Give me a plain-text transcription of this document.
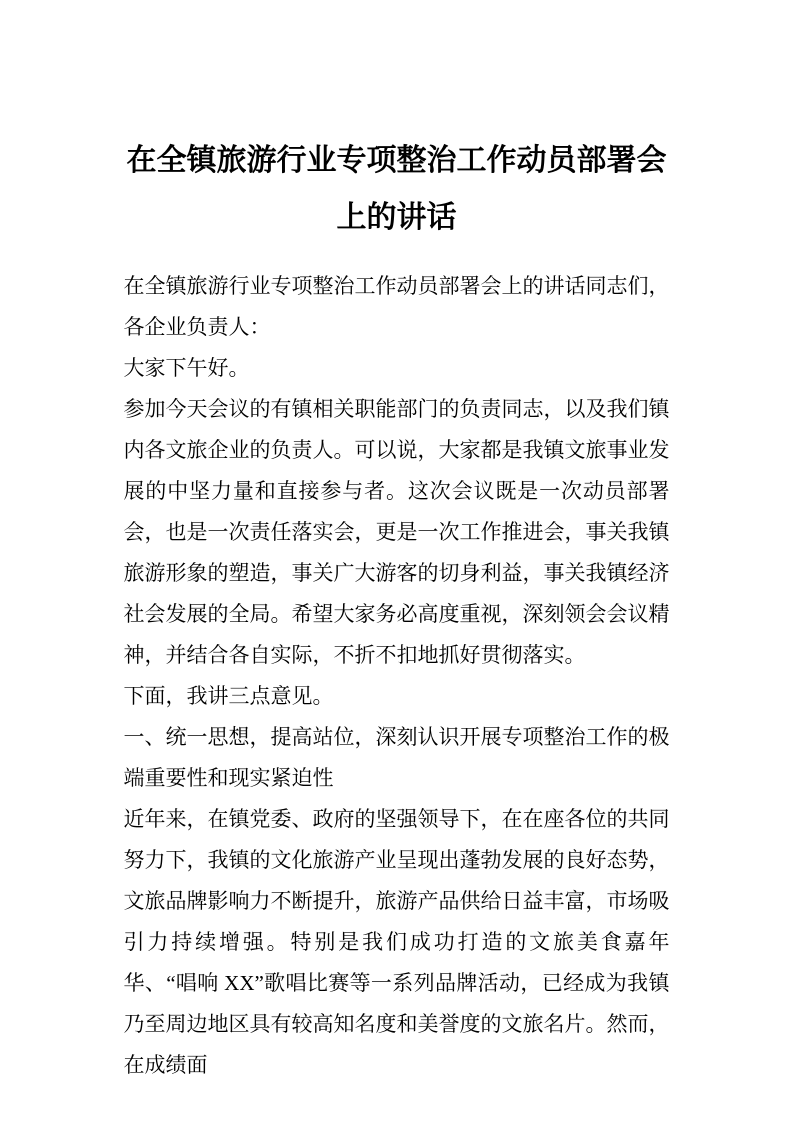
在全镇旅游行业专项整治工作动员部署会上的讲话

在全镇旅游行业专项整治工作动员部署会上的讲话同志们，各企业负责人：

大家下午好。

参加今天会议的有镇相关职能部门的负责同志，以及我们镇内各文旅企业的负责人。可以说，大家都是我镇文旅事业发展的中坚力量和直接参与者。这次会议既是一次动员部署会，也是一次责任落实会，更是一次工作推进会，事关我镇旅游形象的塑造，事关广大游客的切身利益，事关我镇经济社会发展的全局。希望大家务必高度重视，深刻领会会议精神，并结合各自实际，不折不扣地抓好贯彻落实。

下面，我讲三点意见。

一、统一思想，提高站位，深刻认识开展专项整治工作的极端重要性和现实紧迫性

近年来，在镇党委、政府的坚强领导下，在在座各位的共同努力下，我镇的文化旅游产业呈现出蓬勃发展的良好态势，文旅品牌影响力不断提升，旅游产品供给日益丰富，市场吸引力持续增强。特别是我们成功打造的文旅美食嘉年华、“唱响 XX”歌唱比赛等一系列品牌活动，已经成为我镇乃至周边地区具有较高知名度和美誉度的文旅名片。然而，在成绩面
